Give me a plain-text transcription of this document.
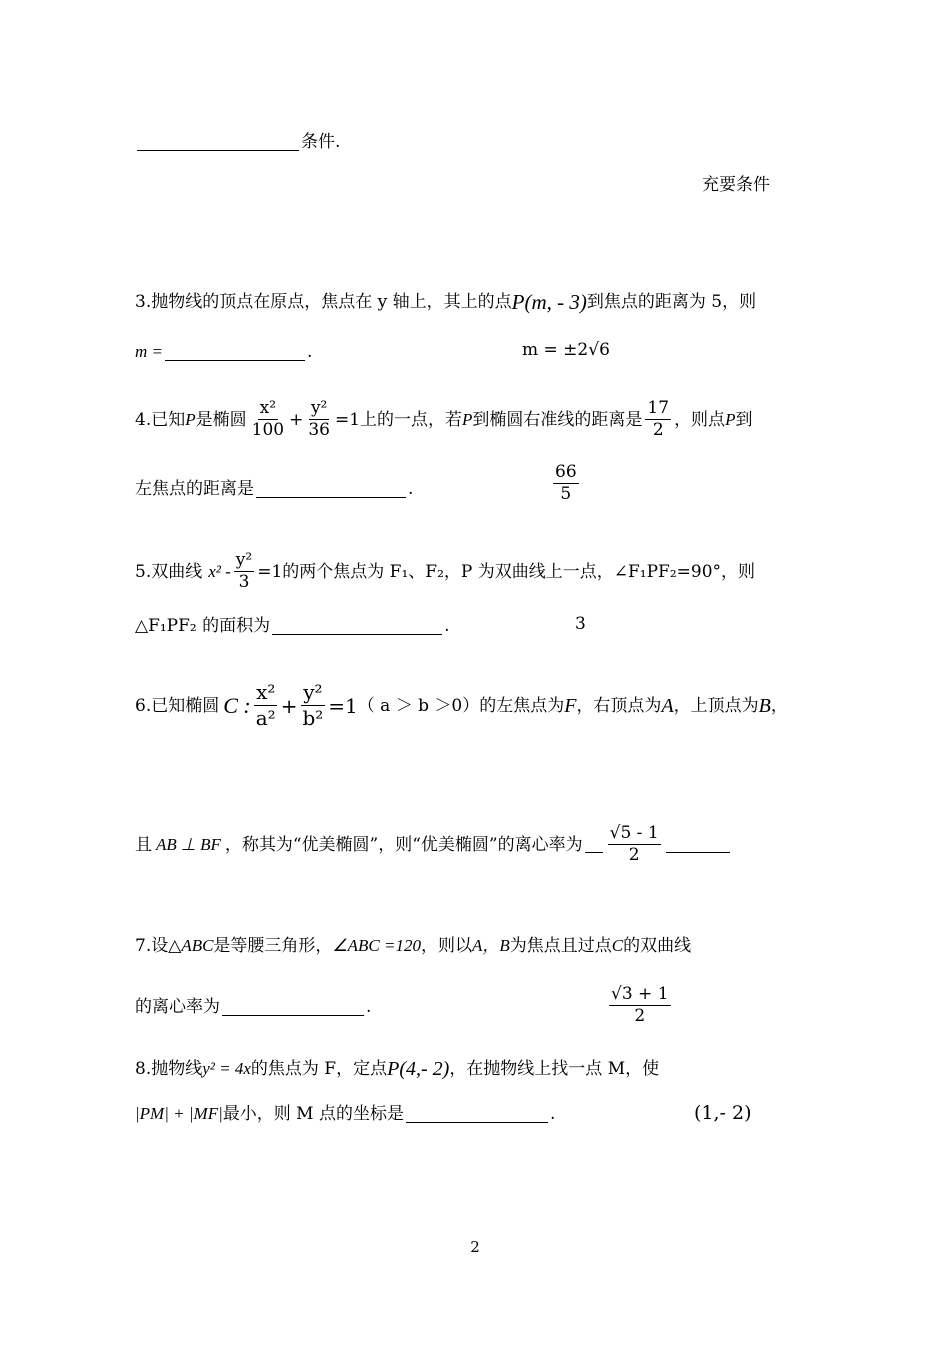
条件.
充要条件
3. 抛物线的顶点在原点，焦点在 y 轴上，其上的点 P(m, - 3) 到焦点的距离为 5，则
m =	.	m = ±2√6
4. 已知 P 是椭圆 $\frac{\text{x²}}{100} + \frac{\text{y²}}{36} =1$ 上的一点，若 P 到椭圆右准线的距离是 $\frac{17}{2}$ ，则点 P 到
左焦点的距离是	.	$\frac{66}{5}$
5. 双曲线 $x^2 - \frac{\text{y²}}{3} =1$ 的两个焦点为 F₁、F₂，P 为双曲线上一点，∠F₁PF₂=90°，则
△F₁PF₂ 的面积为	.	3
6. 已知椭圆 C : $\frac{\text{x²}}{\text{a²}} + \frac{\text{y²}}{\text{b²}} =1$ （ a ＞ b ＞0）的左焦点为 F ，右顶点为 A ，上顶点为 B ，
且 AB ⊥ BF ，称其为“优美椭圆”，则“优美椭圆”的离心率为 $\frac{√5 - 1}{2}$
7. 设△ ABC 是等腰三角形， ∠ABC =120 ，则以 A，B 为焦点且过点 C 的双曲线
的离心率为	.	$\frac{√3 + 1}{2}$
8. 抛物线 y² = 4x 的焦点为 F，定点 P(4,- 2) ，在抛物线上找一点 M，使
|PM| + |MF| 最小，则 M 点的坐标是	.	(1,- 2)
2
